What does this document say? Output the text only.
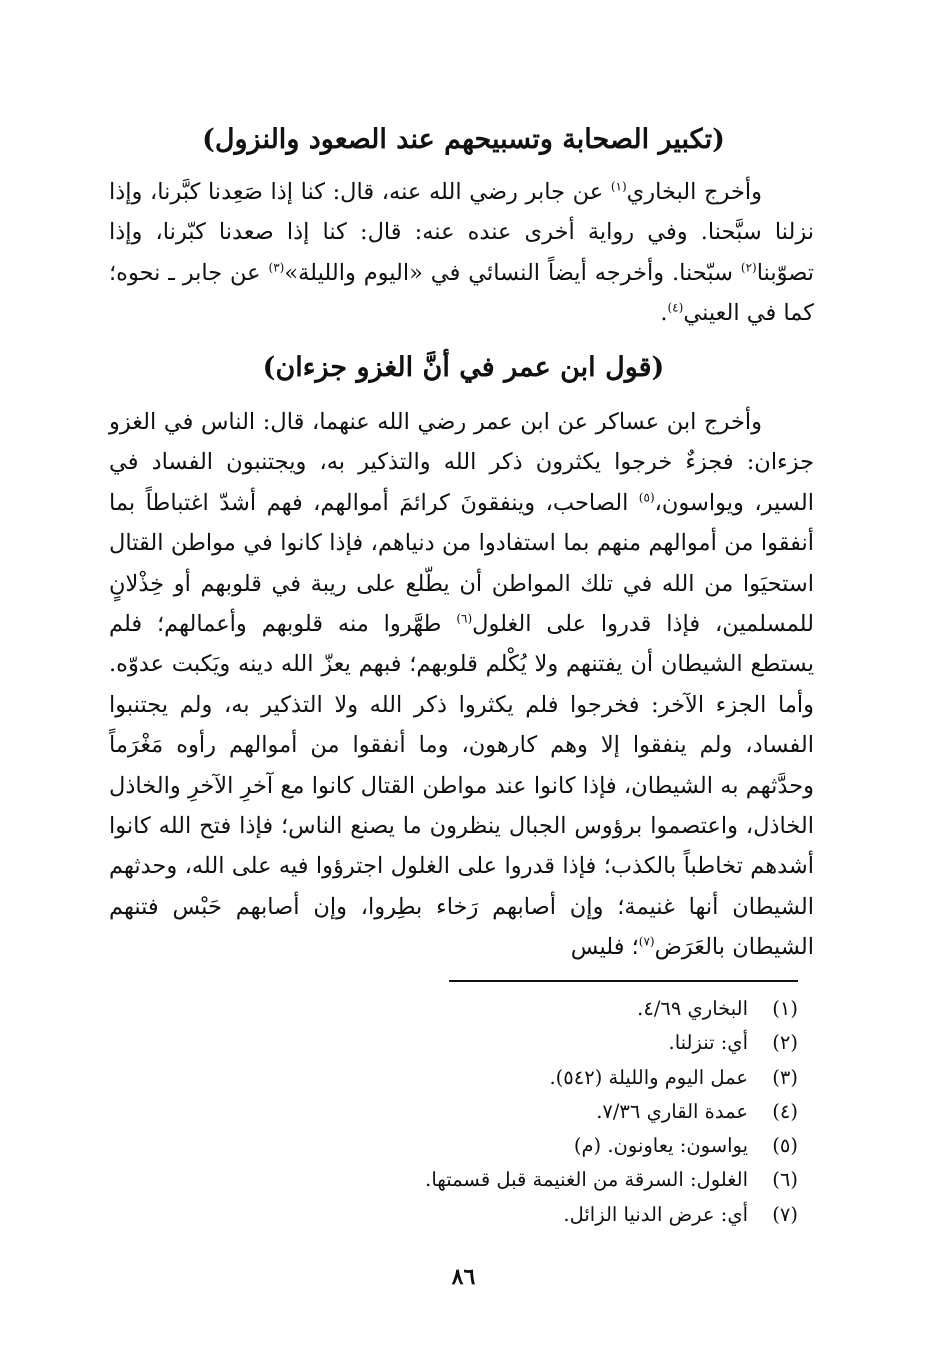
(تكبير الصحابة وتسبيحهم عند الصعود والنزول)
وأخرج البخاري$^{(١)}$ عن جابر رضي الله عنه، قال: كنا إذا صَعِدنا كبَّرنا، وإذا نزلنا سبَّحنا. وفي رواية أخرى عنده عنه: قال: كنا إذا صعدنا كبّرنا، وإذا تصوّبنا$^{(٢)}$ سبّحنا. وأخرجه أيضاً النسائي في «اليوم والليلة»$^{(٣)}$ عن جابر ـ نحوه؛ كما في العيني$^{(٤)}$.
(قول ابن عمر في أنَّ الغزو جزءان)
وأخرج ابن عساكر عن ابن عمر رضي الله عنهما، قال: الناس في الغزو جزءان: فجزءٌ خرجوا يكثرون ذكر الله والتذكير به، ويجتنبون الفساد في السير، ويواسون،$^{(٥)}$ الصاحب، وينفقونَ كرائمَ أموالهم، فهم أشدّ اغتباطاً بما أنفقوا من أموالهم منهم بما استفادوا من دنياهم، فإذا كانوا في مواطن القتال استحيَوا من الله في تلك المواطن أن يطّلع على ريبة في قلوبهم أو خِذْلانٍ للمسلمين، فإذا قدروا على الغلول$^{(٦)}$ طهَّروا منه قلوبهم وأعمالهم؛ فلم يستطع الشيطان أن يفتنهم ولا يُكْلم قلوبهم؛ فبهم يعزّ الله دينه ويَكبت عدوّه. وأما الجزء الآخر: فخرجوا فلم يكثروا ذكر الله ولا التذكير به، ولم يجتنبوا الفساد، ولم ينفقوا إلا وهم كارهون، وما أنفقوا من أموالهم رأوه مَغْرَماً وحدَّثهم به الشيطان، فإذا كانوا عند مواطن القتال كانوا مع آخرِ الآخرِ والخاذل الخاذل، واعتصموا برؤوس الجبال ينظرون ما يصنع الناس؛ فإذا فتح الله كانوا أشدهم تخاطباً بالكذب؛ فإذا قدروا على الغلول اجترؤوا فيه على الله، وحدثهم الشيطان أنها غنيمة؛ وإن أصابهم رَخاء بطِروا، وإن أصابهم حَبْس فتنهم الشيطان بالعَرَض$^{(٧)}$؛ فليس
(١)
البخاري ٤/٦٩.
(٢)
أي: تنزلنا.
(٣)
عمل اليوم والليلة (٥٤٢).
(٤)
عمدة القاري ٧/٣٦.
(٥)
يواسون: يعاونون. (م)
(٦)
الغلول: السرقة من الغنيمة قبل قسمتها.
(٧)
أي: عرض الدنيا الزائل.
٨٦
